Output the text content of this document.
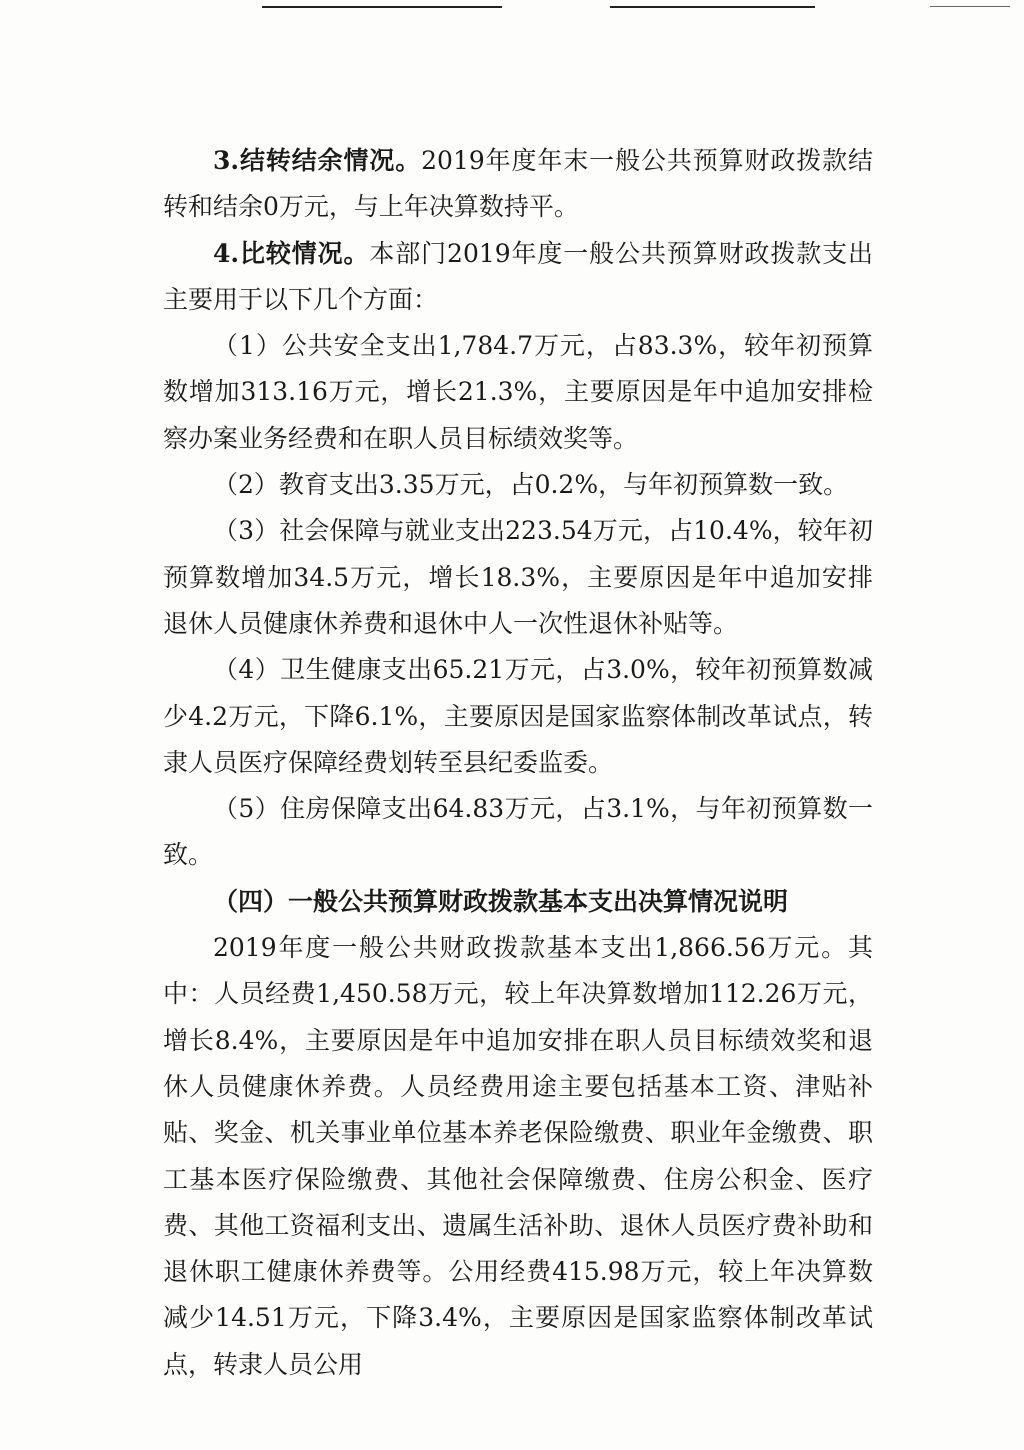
3.结转结余情况。2019年度年末一般公共预算财政拨款结转和结余0万元，与上年决算数持平。

4.比较情况。本部门2019年度一般公共预算财政拨款支出主要用于以下几个方面：

（1）公共安全支出1,784.7万元，占83.3%，较年初预算数增加313.16万元，增长21.3%，主要原因是年中追加安排检察办案业务经费和在职人员目标绩效奖等。

（2）教育支出3.35万元，占0.2%，与年初预算数一致。

（3）社会保障与就业支出223.54万元，占10.4%，较年初预算数增加34.5万元，增长18.3%，主要原因是年中追加安排退休人员健康休养费和退休中人一次性退休补贴等。

（4）卫生健康支出65.21万元，占3.0%，较年初预算数减少4.2万元，下降6.1%，主要原因是国家监察体制改革试点，转隶人员医疗保障经费划转至县纪委监委。

（5）住房保障支出64.83万元，占3.1%，与年初预算数一致。

（四）一般公共预算财政拨款基本支出决算情况说明

2019年度一般公共财政拨款基本支出1,866.56万元。其中：人员经费1,450.58万元，较上年决算数增加112.26万元，增长8.4%，主要原因是年中追加安排在职人员目标绩效奖和退休人员健康休养费。人员经费用途主要包括基本工资、津贴补贴、奖金、机关事业单位基本养老保险缴费、职业年金缴费、职工基本医疗保险缴费、其他社会保障缴费、住房公积金、医疗费、其他工资福利支出、遗属生活补助、退休人员医疗费补助和退休职工健康休养费等。公用经费415.98万元，较上年决算数减少14.51万元，下降3.4%，主要原因是国家监察体制改革试点，转隶人员公用
